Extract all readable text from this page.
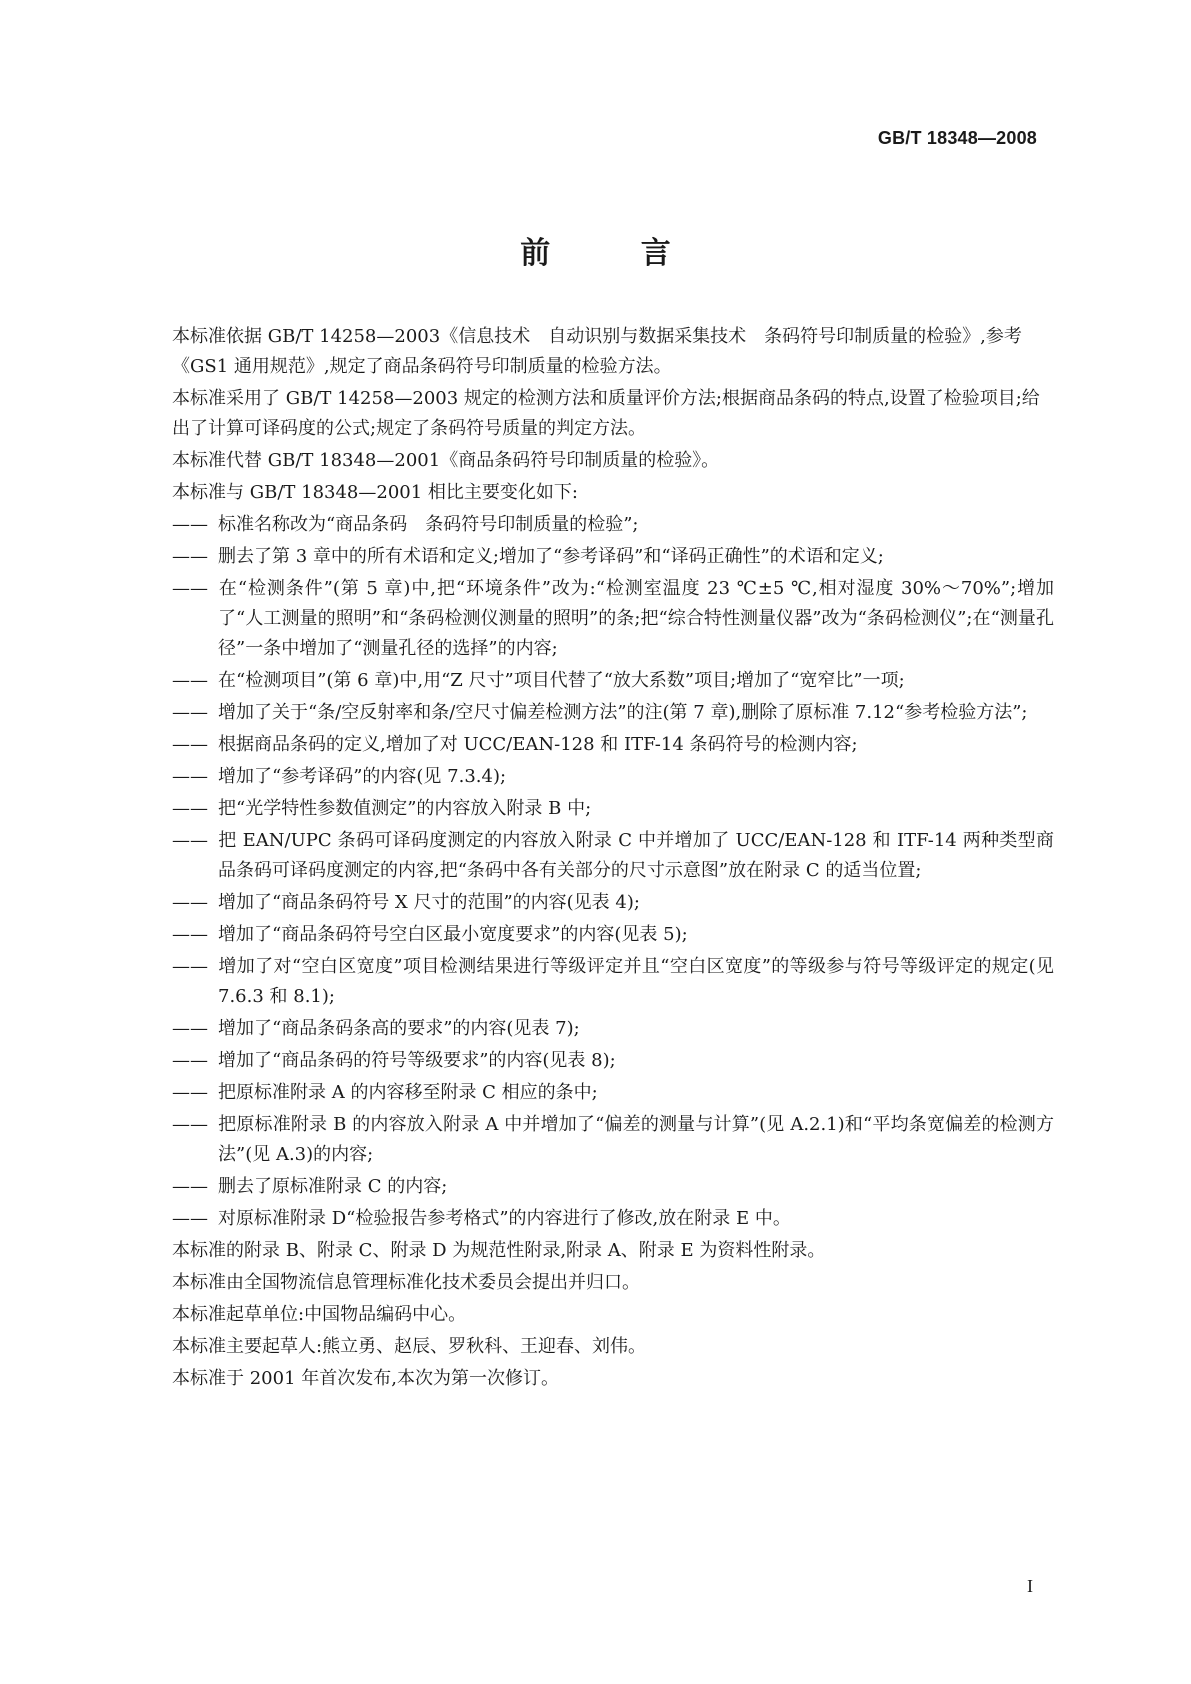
GB/T 18348—2008
前 言

本标准依据 GB/T 14258—2003《信息技术　自动识别与数据采集技术　条码符号印制质量的检验》,参考《GS1 通用规范》,规定了商品条码符号印制质量的检验方法。

本标准采用了 GB/T 14258—2003 规定的检测方法和质量评价方法;根据商品条码的特点,设置了检验项目;给出了计算可译码度的公式;规定了条码符号质量的判定方法。

本标准代替 GB/T 18348—2001《商品条码符号印制质量的检验》。

本标准与 GB/T 18348—2001 相比主要变化如下:

—— 标准名称改为“商品条码　条码符号印制质量的检验”;

—— 删去了第 3 章中的所有术语和定义;增加了“参考译码”和“译码正确性”的术语和定义;

—— 在“检测条件”(第 5 章)中,把“环境条件”改为:“检测室温度 23 ℃±5 ℃,相对湿度 30%～70%”;增加了“人工测量的照明”和“条码检测仪测量的照明”的条;把“综合特性测量仪器”改为“条码检测仪”;在“测量孔径”一条中增加了“测量孔径的选择”的内容;

—— 在“检测项目”(第 6 章)中,用“Z 尺寸”项目代替了“放大系数”项目;增加了“宽窄比”一项;

—— 增加了关于“条/空反射率和条/空尺寸偏差检测方法”的注(第 7 章),删除了原标准 7.12“参考检验方法”;

—— 根据商品条码的定义,增加了对 UCC/EAN-128 和 ITF-14 条码符号的检测内容;

—— 增加了“参考译码”的内容(见 7.3.4);

—— 把“光学特性参数值测定”的内容放入附录 B 中;

—— 把 EAN/UPC 条码可译码度测定的内容放入附录 C 中并增加了 UCC/EAN-128 和 ITF-14 两种类型商品条码可译码度测定的内容,把“条码中各有关部分的尺寸示意图”放在附录 C 的适当位置;

—— 增加了“商品条码符号 X 尺寸的范围”的内容(见表 4);

—— 增加了“商品条码符号空白区最小宽度要求”的内容(见表 5);

—— 增加了对“空白区宽度”项目检测结果进行等级评定并且“空白区宽度”的等级参与符号等级评定的规定(见 7.6.3 和 8.1);

—— 增加了“商品条码条高的要求”的内容(见表 7);

—— 增加了“商品条码的符号等级要求”的内容(见表 8);

—— 把原标准附录 A 的内容移至附录 C 相应的条中;

—— 把原标准附录 B 的内容放入附录 A 中并增加了“偏差的测量与计算”(见 A.2.1)和“平均条宽偏差的检测方法”(见 A.3)的内容;

—— 删去了原标准附录 C 的内容;

—— 对原标准附录 D“检验报告参考格式”的内容进行了修改,放在附录 E 中。

本标准的附录 B、附录 C、附录 D 为规范性附录,附录 A、附录 E 为资料性附录。

本标准由全国物流信息管理标准化技术委员会提出并归口。

本标准起草单位:中国物品编码中心。

本标准主要起草人:熊立勇、赵辰、罗秋科、王迎春、刘伟。

本标准于 2001 年首次发布,本次为第一次修订。

I
